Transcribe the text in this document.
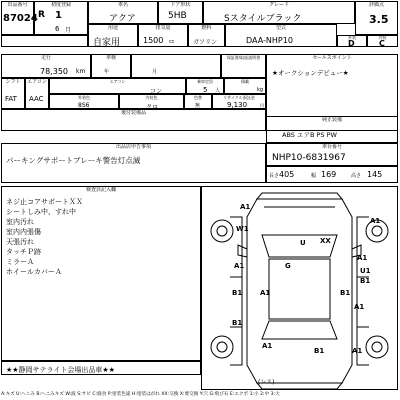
出品番号
87024
初度登録
R 1
6 月
車名
アクア
ドア形状
5HB
グレード
Sスタイルブラック
評価点
3.5
用途
自家用
排気量
1500 cc
燃料
ガソリン
型式
DAA-NHP10	外装
D
内装
C
走行
78,350 km
車検
年	月
保証書/取扱説明書	セールスポイント
★オークションデビュー★
シフト
FAT
エアコン
AAC
エアコン
コン
乗車定員
5 人
積載
kg
外装色
8S6
内装色
クロ
色替
無
リサイクル預託金
9,130	円
後付装備品
純正装備
ABS エアB PS PW
出品店申告事項
パーキングサポートブレーキ警告灯点滅
車台番号
NHP10-6831967
長さ 405	幅 169	高さ 145
検査員記入欄
ネジ止コアサポートＸＸ
シートしみ中、すれ中
室内汚れ
室内内張傷
天張汚れ
タッチＰ跡
ミラーＡ
ホイールカバーＡ
★★静岡サテライト会場出品車★★
A1
W1
XX
U
G
A1
A1
U1
B1
A1
B1	A1
A1
B1
B1
A1
B1	A1
(レス)
A:キズ U:へこみ B:へこみキズ W:波 S:サビ C:腐食 P:塗装色違 H:塗装はがれ XX:交換 X:要交換 Y:穴 G:飛び石 E:エクボ 1:小 2:中 3:大
